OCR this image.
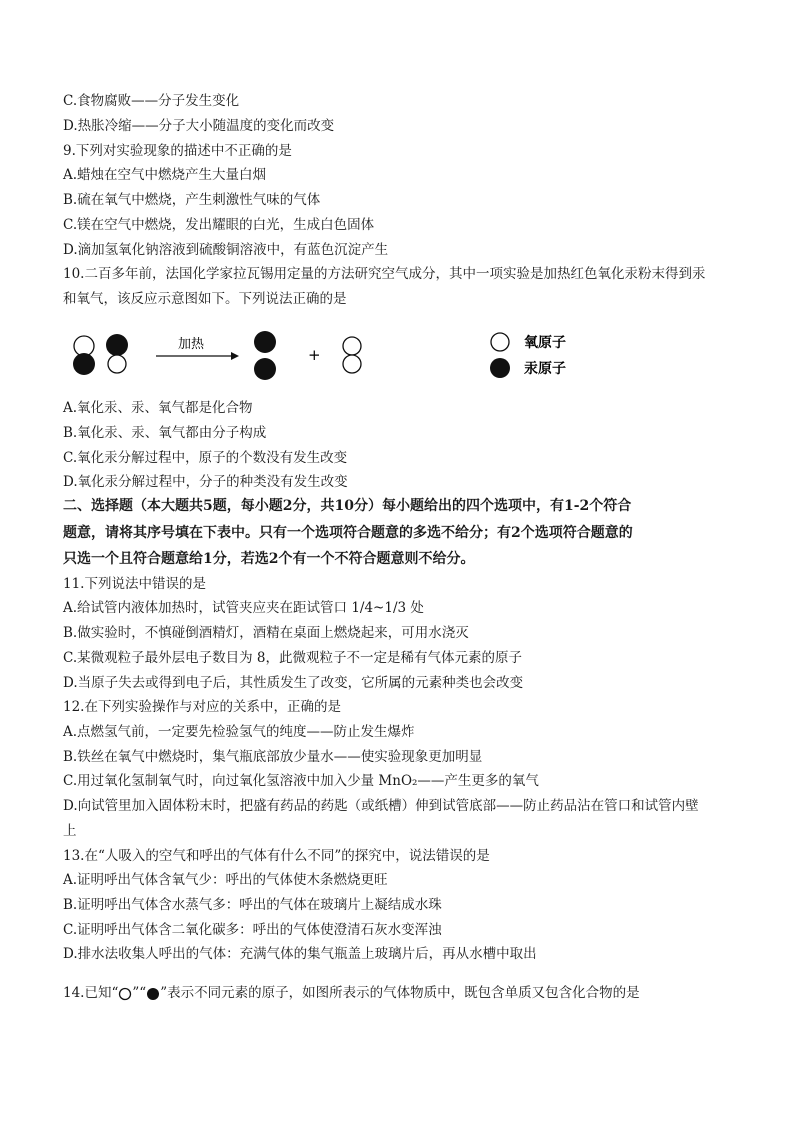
C.食物腐败——分子发生变化
D.热胀冷缩——分子大小随温度的变化而改变
9.下列对实验现象的描述中不正确的是
A.蜡烛在空气中燃烧产生大量白烟
B.硫在氧气中燃烧，产生刺激性气味的气体
C.镁在空气中燃烧，发出耀眼的白光，生成白色固体
D.滴加氢氧化钠溶液到硫酸铜溶液中，有蓝色沉淀产生
10.二百多年前，法国化学家拉瓦锡用定量的方法研究空气成分，其中一项实验是加热红色氧化汞粉末得到汞
和氧气，该反应示意图如下。下列说法正确的是
加热
+
氧原子
汞原子
A.氧化汞、汞、氧气都是化合物
B.氧化汞、汞、氧气都由分子构成
C.氧化汞分解过程中，原子的个数没有发生改变
D.氧化汞分解过程中，分子的种类没有发生改变
二、选择题（本大题共5题，每小题2分，共10分）每小题给出的四个选项中，有1-2个符合
题意，请将其序号填在下表中。只有一个选项符合题意的多选不给分；有2个选项符合题意的
只选一个且符合题意给1分，若选2个有一个不符合题意则不给分。
11.下列说法中错误的是
A.给试管内液体加热时，试管夹应夹在距试管口 1/4~1/3 处
B.做实验时，不慎碰倒酒精灯，酒精在桌面上燃烧起来，可用水浇灭
C.某微观粒子最外层电子数目为 8，此微观粒子不一定是稀有气体元素的原子
D.当原子失去或得到电子后，其性质发生了改变，它所属的元素种类也会改变
12.在下列实验操作与对应的关系中，正确的是
A.点燃氢气前，一定要先检验氢气的纯度——防止发生爆炸
B.铁丝在氧气中燃烧时，集气瓶底部放少量水——使实验现象更加明显
C.用过氧化氢制氧气时，向过氧化氢溶液中加入少量 MnO₂——产生更多的氧气
D.向试管里加入固体粉末时，把盛有药品的药匙（或纸槽）伸到试管底部——防止药品沾在管口和试管内壁
上
13.在“人吸入的空气和呼出的气体有什么不同”的探究中，说法错误的是
A.证明呼出气体含氧气少：呼出的气体使木条燃烧更旺
B.证明呼出气体含水蒸气多：呼出的气体在玻璃片上凝结成水珠
C.证明呼出气体含二氧化碳多：呼出的气体使澄清石灰水变浑浊
D.排水法收集人呼出的气体：充满气体的集气瓶盖上玻璃片后，再从水槽中取出
14.已知“ ”“ ”表示不同元素的原子，如图所表示的气体物质中，既包含单质又包含化合物的是
